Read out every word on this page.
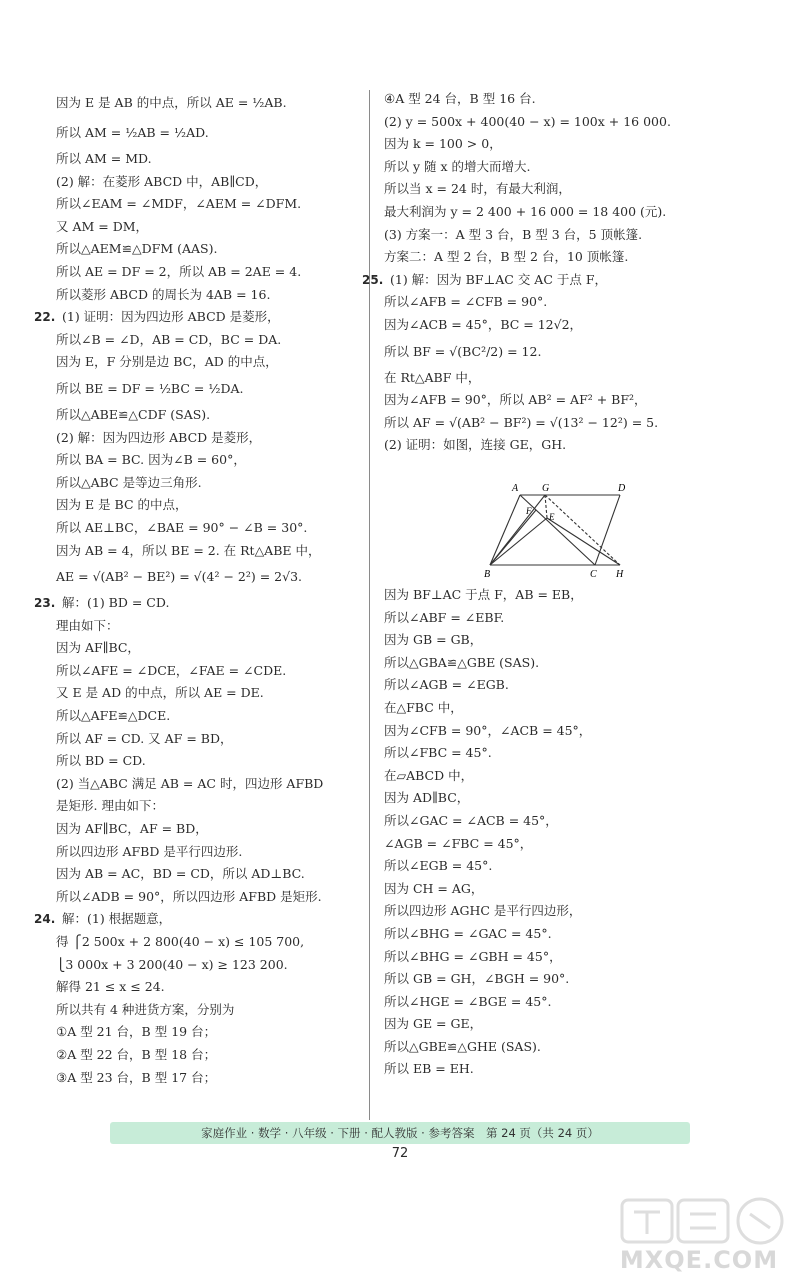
因为 E 是 AB 的中点，所以 AE = ½AB.
所以 AM = ½AB = ½AD.
所以 AM = MD.
(2) 解：在菱形 ABCD 中，AB∥CD，
所以∠EAM = ∠MDF，∠AEM = ∠DFM.
又 AM = DM，
所以△AEM≌△DFM (AAS).
所以 AE = DF = 2，所以 AB = 2AE = 4.
所以菱形 ABCD 的周长为 4AB = 16.
22. (1) 证明：因为四边形 ABCD 是菱形，
所以∠B = ∠D，AB = CD，BC = DA.
因为 E，F 分别是边 BC，AD 的中点，
所以 BE = DF = ½BC = ½DA.
所以△ABE≌△CDF (SAS).
(2) 解：因为四边形 ABCD 是菱形，
所以 BA = BC. 因为∠B = 60°，
所以△ABC 是等边三角形.
因为 E 是 BC 的中点，
所以 AE⊥BC，∠BAE = 90° − ∠B = 30°.
因为 AB = 4，所以 BE = 2. 在 Rt△ABE 中，
AE = √(AB² − BE²) = √(4² − 2²) = 2√3.
23. 解：(1) BD = CD.
理由如下：
因为 AF∥BC，
所以∠AFE = ∠DCE，∠FAE = ∠CDE.
又 E 是 AD 的中点，所以 AE = DE.
所以△AFE≌△DCE.
所以 AF = CD. 又 AF = BD，
所以 BD = CD.
(2) 当△ABC 满足 AB = AC 时，四边形 AFBD
是矩形. 理由如下：
因为 AF∥BC，AF = BD，
所以四边形 AFBD 是平行四边形.
因为 AB = AC，BD = CD，所以 AD⊥BC.
所以∠ADB = 90°，所以四边形 AFBD 是矩形.
24. 解：(1) 根据题意，
得 ⎧2 500x + 2 800(40 − x) ≤ 105 700,
⎩3 000x + 3 200(40 − x) ≥ 123 200.
解得 21 ≤ x ≤ 24.
所以共有 4 种进货方案，分别为
①A 型 21 台，B 型 19 台；
②A 型 22 台，B 型 18 台；
③A 型 23 台，B 型 17 台；
④A 型 24 台，B 型 16 台.
(2) y = 500x + 400(40 − x) = 100x + 16 000.
因为 k = 100 > 0，
所以 y 随 x 的增大而增大.
所以当 x = 24 时，有最大利润，
最大利润为 y = 2 400 + 16 000 = 18 400 (元).
(3) 方案一：A 型 3 台，B 型 3 台，5 顶帐篷.
方案二：A 型 2 台，B 型 2 台，10 顶帐篷.
25. (1) 解：因为 BF⊥AC 交 AC 于点 F，
所以∠AFB = ∠CFB = 90°.
因为∠ACB = 45°，BC = 12√2，
所以 BF = √(BC²/2) = 12.
在 Rt△ABF 中，
因为∠AFB = 90°，所以 AB² = AF² + BF²，
所以 AF = √(AB² − BF²) = √(13² − 12²) = 5.
(2) 证明：如图，连接 GE，GH.
A G	D
F
E
B	C H
因为 BF⊥AC 于点 F，AB = EB，
所以∠ABF = ∠EBF.
因为 GB = GB，
所以△GBA≌△GBE (SAS).
所以∠AGB = ∠EGB.
在△FBC 中，
因为∠CFB = 90°，∠ACB = 45°，
所以∠FBC = 45°.
在▱ABCD 中，
因为 AD∥BC，
所以∠GAC = ∠ACB = 45°，
∠AGB = ∠FBC = 45°，
所以∠EGB = 45°.
因为 CH = AG，
所以四边形 AGHC 是平行四边形，
所以∠BHG = ∠GAC = 45°.
所以∠BHG = ∠GBH = 45°，
所以 GB = GH，∠BGH = 90°.
所以∠HGE = ∠BGE = 45°.
因为 GE = GE，
所以△GBE≌△GHE (SAS).
所以 EB = EH.
家庭作业 · 数学 · 八年级 · 下册 · 配人教版 · 参考答案　第 24 页（共 24 页）
72
MXQE.COM
